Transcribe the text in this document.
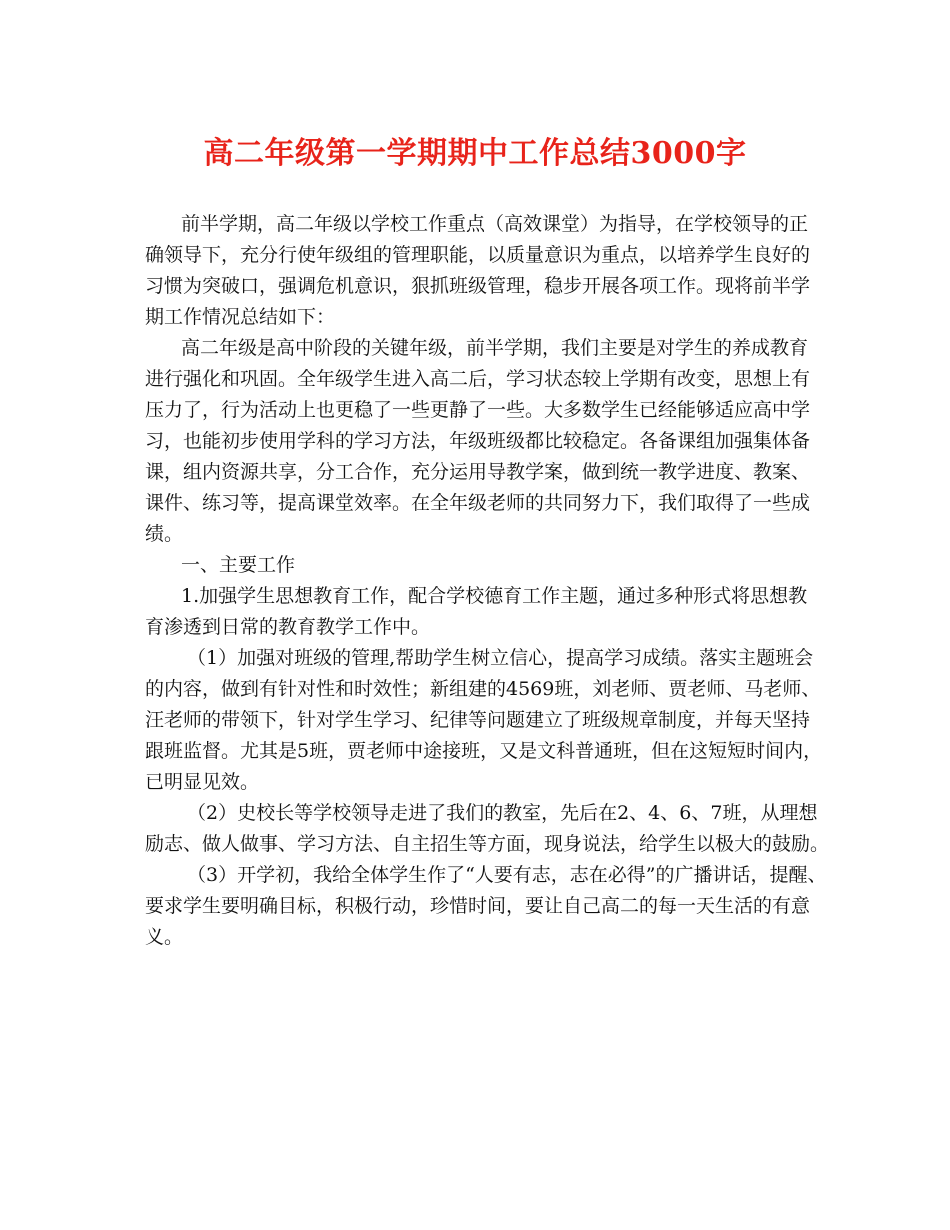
高二年级第一学期期中工作总结3000字
前半学期，高二年级以学校工作重点（高效课堂）为指导，在学校领导的正
确领导下，充分行使年级组的管理职能，以质量意识为重点，以培养学生良好的
习惯为突破口，强调危机意识，狠抓班级管理，稳步开展各项工作。现将前半学
期工作情况总结如下：
高二年级是高中阶段的关键年级，前半学期，我们主要是对学生的养成教育
进行强化和巩固。全年级学生进入高二后，学习状态较上学期有改变，思想上有
压力了，行为活动上也更稳了一些更静了一些。大多数学生已经能够适应高中学
习，也能初步使用学科的学习方法，年级班级都比较稳定。各备课组加强集体备
课，组内资源共享，分工合作，充分运用导教学案，做到统一教学进度、教案、
课件、练习等，提高课堂效率。在全年级老师的共同努力下，我们取得了一些成
绩。
一、主要工作
1.加强学生思想教育工作，配合学校德育工作主题，通过多种形式将思想教
育渗透到日常的教育教学工作中。
（1）加强对班级的管理,帮助学生树立信心，提高学习成绩。落实主题班会
的内容，做到有针对性和时效性；新组建的4569班，刘老师、贾老师、马老师、
汪老师的带领下，针对学生学习、纪律等问题建立了班级规章制度，并每天坚持
跟班监督。尤其是5班，贾老师中途接班，又是文科普通班，但在这短短时间内，
已明显见效。
（2）史校长等学校领导走进了我们的教室，先后在2、4、6、7班，从理想
励志、做人做事、学习方法、自主招生等方面，现身说法，给学生以极大的鼓励。
（3）开学初，我给全体学生作了“人要有志，志在必得”的广播讲话，提醒、
要求学生要明确目标，积极行动，珍惜时间，要让自己高二的每一天生活的有意
义。
